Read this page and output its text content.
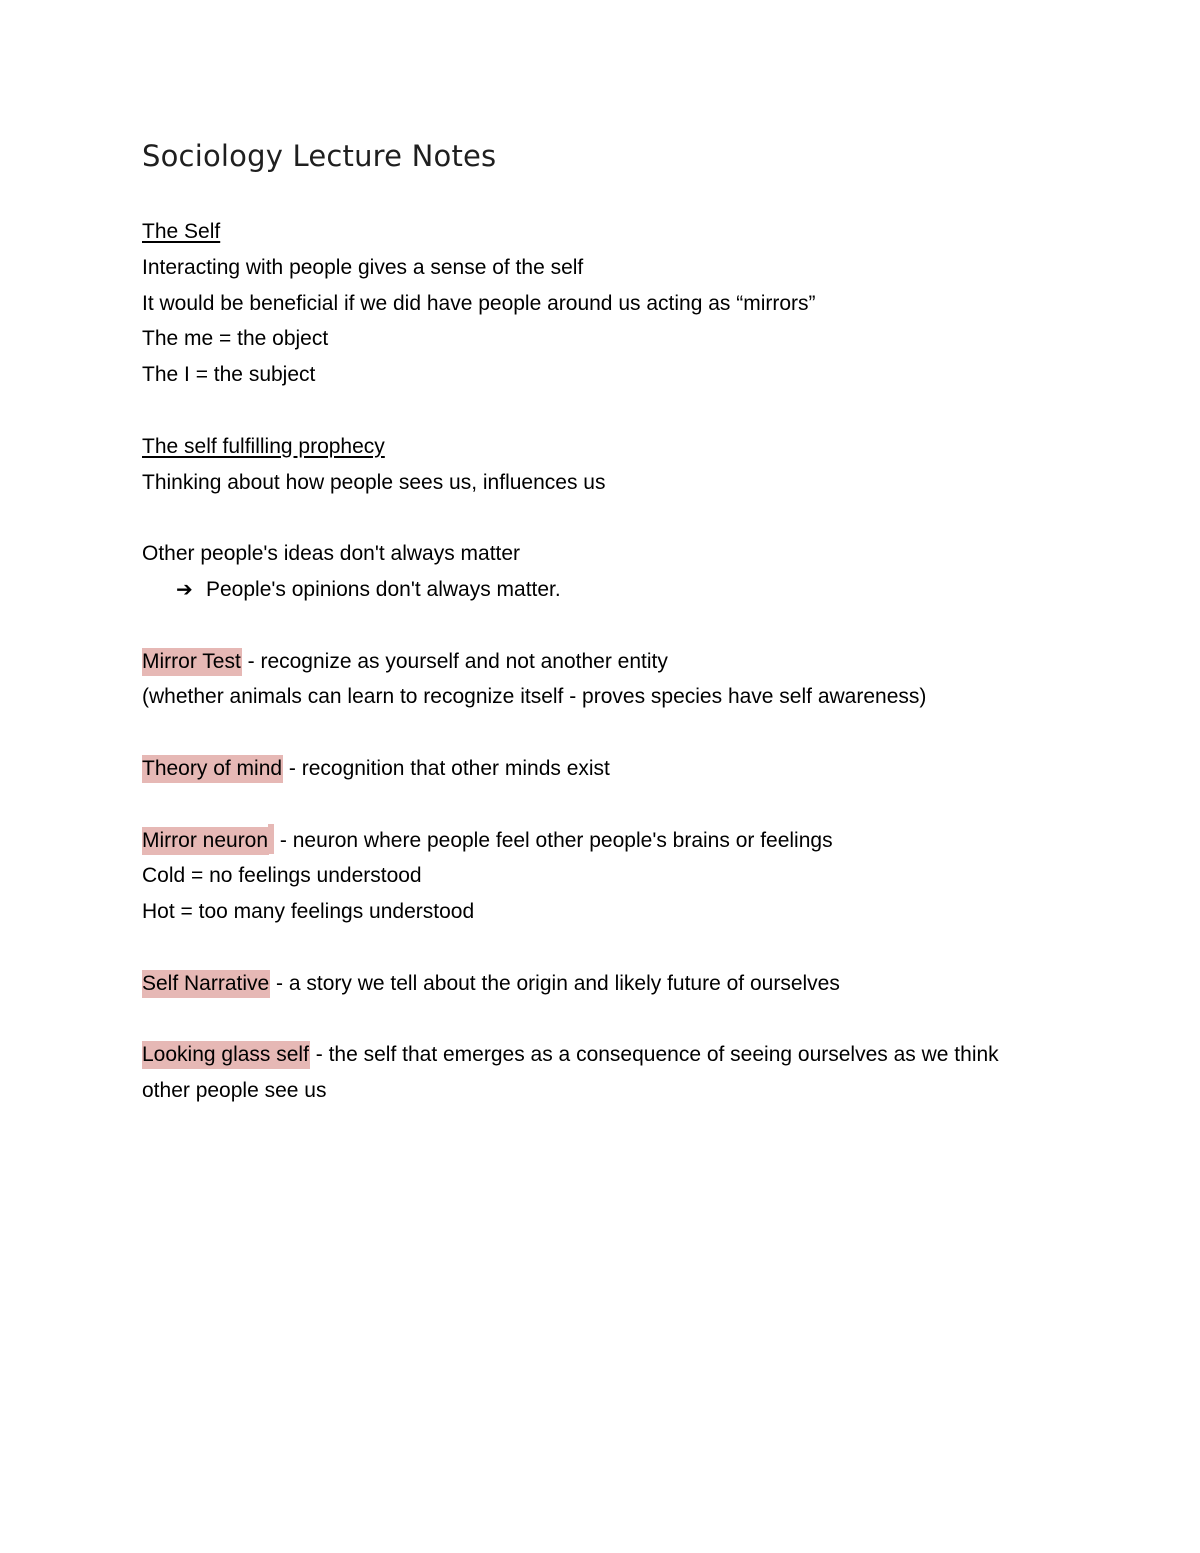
Sociology Lecture Notes
The Self
Interacting with people gives a sense of the self
It would be beneficial if we did have people around us acting as “mirrors”
The me = the object
The I = the subject
The self fulfilling prophecy
Thinking about how people sees us, influences us
Other people's ideas don't always matter
➔ People's opinions don't always matter.
Mirror Test - recognize as yourself and not another entity
(whether animals can learn to recognize itself - proves species have self awareness)
Theory of mind - recognition that other minds exist
Mirror neuron - neuron where people feel other people's brains or feelings
Cold = no feelings understood
Hot = too many feelings understood
Self Narrative - a story we tell about the origin and likely future of ourselves
Looking glass self - the self that emerges as a consequence of seeing ourselves as we think other people see us
